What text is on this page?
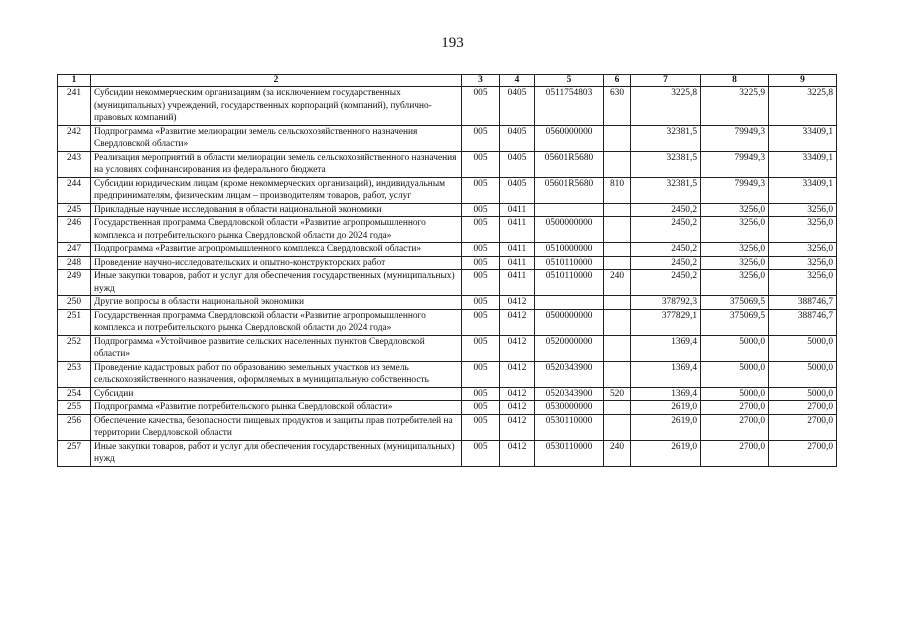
193
1	2	3	4	5	6	7	8	9
241	Субсидии некоммерческим организациям (за исключением государственных (муниципальных) учреждений, государственных корпораций (компаний), публично-правовых компаний)	005	0405	0511754803	630	3225,8	3225,9	3225,8
242	Подпрограмма «Развитие мелиорации земель сельскохозяйственного назначения Свердловской области»	005	0405	0560000000		32381,5	79949,3	33409,1
243	Реализация мероприятий в области мелиорации земель сельскохозяйственного назначения на условиях софинансирования из федерального бюджета	005	0405	05601R5680		32381,5	79949,3	33409,1
244	Субсидии юридическим лицам (кроме некоммерческих организаций), индивидуальным предпринимателям, физическим лицам – производителям товаров, работ, услуг	005	0405	05601R5680	810	32381,5	79949,3	33409,1
245	Прикладные научные исследования в области национальной экономики	005	0411			2450,2	3256,0	3256,0
246	Государственная программа Свердловской области «Развитие агропромышленного комплекса и потребительского рынка Свердловской области до 2024 года»	005	0411	0500000000		2450,2	3256,0	3256,0
247	Подпрограмма «Развитие агропромышленного комплекса Свердловской области»	005	0411	0510000000		2450,2	3256,0	3256,0
248	Проведение научно-исследовательских и опытно-конструкторских работ	005	0411	0510110000		2450,2	3256,0	3256,0
249	Иные закупки товаров, работ и услуг для обеспечения государственных (муниципальных) нужд	005	0411	0510110000	240	2450,2	3256,0	3256,0
250	Другие вопросы в области национальной экономики	005	0412			378792,3	375069,5	388746,7
251	Государственная программа Свердловской области «Развитие агропромышленного комплекса и потребительского рынка Свердловской области до 2024 года»	005	0412	0500000000		377829,1	375069,5	388746,7
252	Подпрограмма «Устойчивое развитие сельских населенных пунктов Свердловской области»	005	0412	0520000000		1369,4	5000,0	5000,0
253	Проведение кадастровых работ по образованию земельных участков из земель сельскохозяйственного назначения, оформляемых в муниципальную собственность	005	0412	0520343900		1369,4	5000,0	5000,0
254	Субсидии	005	0412	0520343900	520	1369,4	5000,0	5000,0
255	Подпрограмма «Развитие потребительского рынка Свердловской области»	005	0412	0530000000		2619,0	2700,0	2700,0
256	Обеспечение качества, безопасности пищевых продуктов и защиты прав потребителей на территории Свердловской области	005	0412	0530110000		2619,0	2700,0	2700,0
257	Иные закупки товаров, работ и услуг для обеспечения государственных (муниципальных) нужд	005	0412	0530110000	240	2619,0	2700,0	2700,0
